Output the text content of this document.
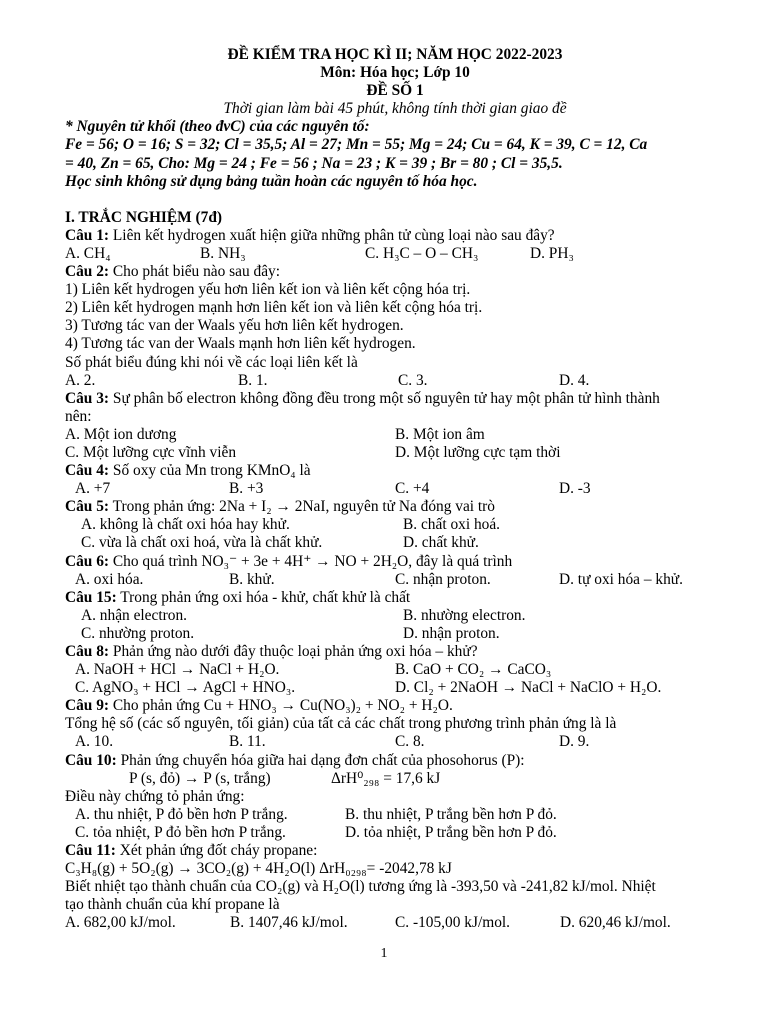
ĐỀ KIỂM TRA HỌC KÌ II; NĂM HỌC 2022-2023
Môn: Hóa học; Lớp 10
ĐỀ SỐ 1
Thời gian làm bài 45 phút, không tính thời gian giao đề
* Nguyên tử khối (theo đvC) của các nguyên tố:
Fe = 56; O = 16; S = 32; Cl = 35,5; Al = 27; Mn = 55; Mg = 24; Cu = 64, K = 39, C = 12, Ca
= 40, Zn = 65, Cho: Mg = 24 ; Fe = 56 ; Na = 23 ; K = 39 ; Br = 80 ; Cl = 35,5.
Học sinh không sử dụng bảng tuần hoàn các nguyên tố hóa học.
I. TRẮC NGHIỆM (7đ)
Câu 1: Liên kết hydrogen xuất hiện giữa những phân tử cùng loại nào sau đây?
A. CH₄	B. NH₃	C. H₃C – O – CH₃	D. PH₃
Câu 2: Cho phát biểu nào sau đây:
1) Liên kết hydrogen yếu hơn liên kết ion và liên kết cộng hóa trị.
2) Liên kết hydrogen mạnh hơn liên kết ion và liên kết cộng hóa trị.
3) Tương tác van der Waals yếu hơn liên kết hydrogen.
4) Tương tác van der Waals mạnh hơn liên kết hydrogen.
Số phát biểu đúng khi nói về các loại liên kết là
A. 2.	B. 1.	C. 3.	D. 4.
Câu 3: Sự phân bố electron không đồng đều trong một số nguyên tử hay một phân tử hình thành
nên:
A. Một ion dương	B. Một ion âm
C. Một lưỡng cực vĩnh viễn	D. Một lưỡng cực tạm thời
Câu 4: Số oxy của Mn trong KMnO₄ là
A. +7	B. +3	C. +4	D. -3
Câu 5: Trong phản ứng: 2Na + I₂ → 2NaI, nguyên tử Na đóng vai trò
A. không là chất oxi hóa hay khử.	B. chất oxi hoá.
C. vừa là chất oxi hoá, vừa là chất khử.	D. chất khử.
Câu 6: Cho quá trình NO₃⁻ + 3e + 4H⁺ → NO + 2H₂O, đây là quá trình
A. oxi hóa.	B. khử.	C. nhận proton.	D. tự oxi hóa – khử.
Câu 15: Trong phản ứng oxi hóa - khử, chất khử là chất
A. nhận electron.	B. nhường electron.
C. nhường proton.	D. nhận proton.
Câu 8: Phản ứng nào dưới đây thuộc loại phản ứng oxi hóa – khử?
A. NaOH + HCl → NaCl + H₂O.	B. CaO + CO₂ → CaCO₃
C. AgNO₃ + HCl → AgCl + HNO₃.	D. Cl₂ + 2NaOH → NaCl + NaClO + H₂O.
Câu 9: Cho phản ứng Cu + HNO₃ → Cu(NO₃)₂ + NO₂ + H₂O.
Tổng hệ số (các số nguyên, tối giản) của tất cả các chất trong phương trình phản ứng là là
A. 10.	B. 11.	C. 8.	D. 9.
Câu 10: Phản ứng chuyển hóa giữa hai dạng đơn chất của phosohorus (P):
P (s, đỏ) → P (s, trắng)	ΔrH⁰₂₉₈ = 17,6 kJ
Điều này chứng tỏ phản ứng:
A. thu nhiệt, P đỏ bền hơn P trắng.	B. thu nhiệt, P trắng bền hơn P đỏ.
C. tỏa nhiệt, P đỏ bền hơn P trắng.	D. tỏa nhiệt, P trắng bền hơn P đỏ.
Câu 11: Xét phản ứng đốt cháy propane:
C₃H₈(g) + 5O₂(g) → 3CO₂(g) + 4H₂O(l) ΔrH₀₂₉₈= -2042,78 kJ
Biết nhiệt tạo thành chuẩn của CO₂(g) và H₂O(l) tương ứng là -393,50 và -241,82 kJ/mol. Nhiệt
tạo thành chuẩn của khí propane là
A. 682,00 kJ/mol.	B. 1407,46 kJ/mol.	C. -105,00 kJ/mol.	D. 620,46 kJ/mol.
1
